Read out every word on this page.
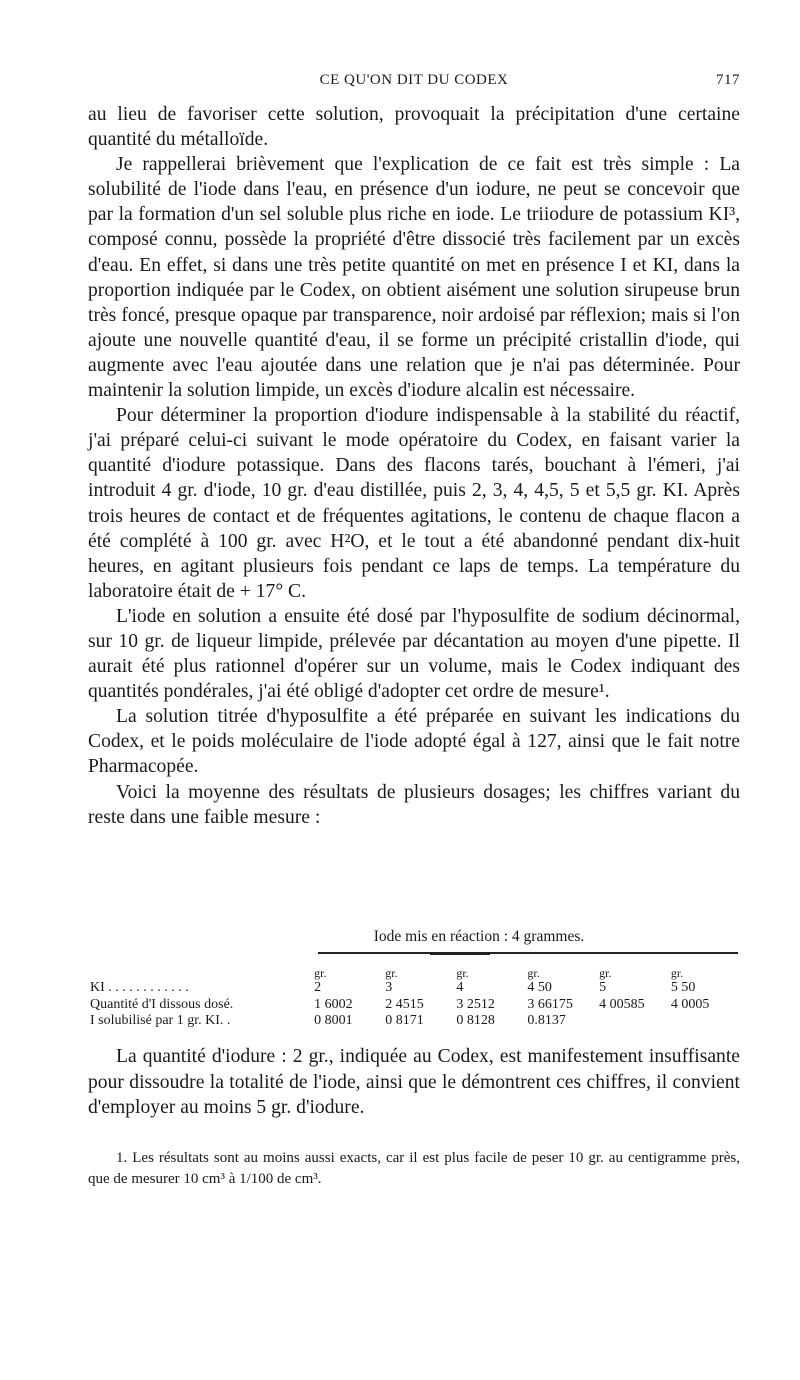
CE QU'ON DIT DU CODEX	717

au lieu de favoriser cette solution, provoquait la précipitation d'une certaine quantité du métalloïde.

Je rappellerai brièvement que l'explication de ce fait est très simple : La solubilité de l'iode dans l'eau, en présence d'un iodure, ne peut se concevoir que par la formation d'un sel soluble plus riche en iode. Le triiodure de potassium KI³, composé connu, possède la propriété d'être dissocié très facilement par un excès d'eau. En effet, si dans une très petite quantité on met en présence I et KI, dans la proportion indiquée par le Codex, on obtient aisément une solution sirupeuse brun très foncé, presque opaque par transparence, noir ardoisé par réflexion; mais si l'on ajoute une nouvelle quantité d'eau, il se forme un précipité cristallin d'iode, qui augmente avec l'eau ajoutée dans une relation que je n'ai pas déterminée. Pour maintenir la solution limpide, un excès d'iodure alcalin est nécessaire.

Pour déterminer la proportion d'iodure indispensable à la stabilité du réactif, j'ai préparé celui-ci suivant le mode opératoire du Codex, en faisant varier la quantité d'iodure potassique. Dans des flacons tarés, bouchant à l'émeri, j'ai introduit 4 gr. d'iode, 10 gr. d'eau distillée, puis 2, 3, 4, 4,5, 5 et 5,5 gr. KI. Après trois heures de contact et de fréquentes agitations, le contenu de chaque flacon a été complété à 100 gr. avec H²O, et le tout a été abandonné pendant dix-huit heures, en agitant plusieurs fois pendant ce laps de temps. La température du laboratoire était de + 17° C.

L'iode en solution a ensuite été dosé par l'hyposulfite de sodium décinormal, sur 10 gr. de liqueur limpide, prélevée par décantation au moyen d'une pipette. Il aurait été plus rationnel d'opérer sur un volume, mais le Codex indiquant des quantités pondérales, j'ai été obligé d'adopter cet ordre de mesure¹.

La solution titrée d'hyposulfite a été préparée en suivant les indications du Codex, et le poids moléculaire de l'iode adopté égal à 127, ainsi que le fait notre Pharmacopée.

Voici la moyenne des résultats de plusieurs dosages; les chiffres variant du reste dans une faible mesure :

Iode mis en réaction : 4 grammes.
	gr.	gr.	gr.	gr.	gr.	gr.
KI . . . . . . . . . . . .	2	3	4	4 50	5	5 50
Quantité d'I dissous dosé.	1 6002	2 4515	3 2512	3 66175	4 00585	4 0005
I solubilisé par 1 gr. KI. .	0 8001	0 8171	0 8128	0.8137		

La quantité d'iodure : 2 gr., indiquée au Codex, est manifestement insuffisante pour dissoudre la totalité de l'iode, ainsi que le démontrent ces chiffres, il convient d'employer au moins 5 gr. d'iodure.

1. Les résultats sont au moins aussi exacts, car il est plus facile de peser 10 gr. au centigramme près, que de mesurer 10 cm³ à 1/100 de cm³.
